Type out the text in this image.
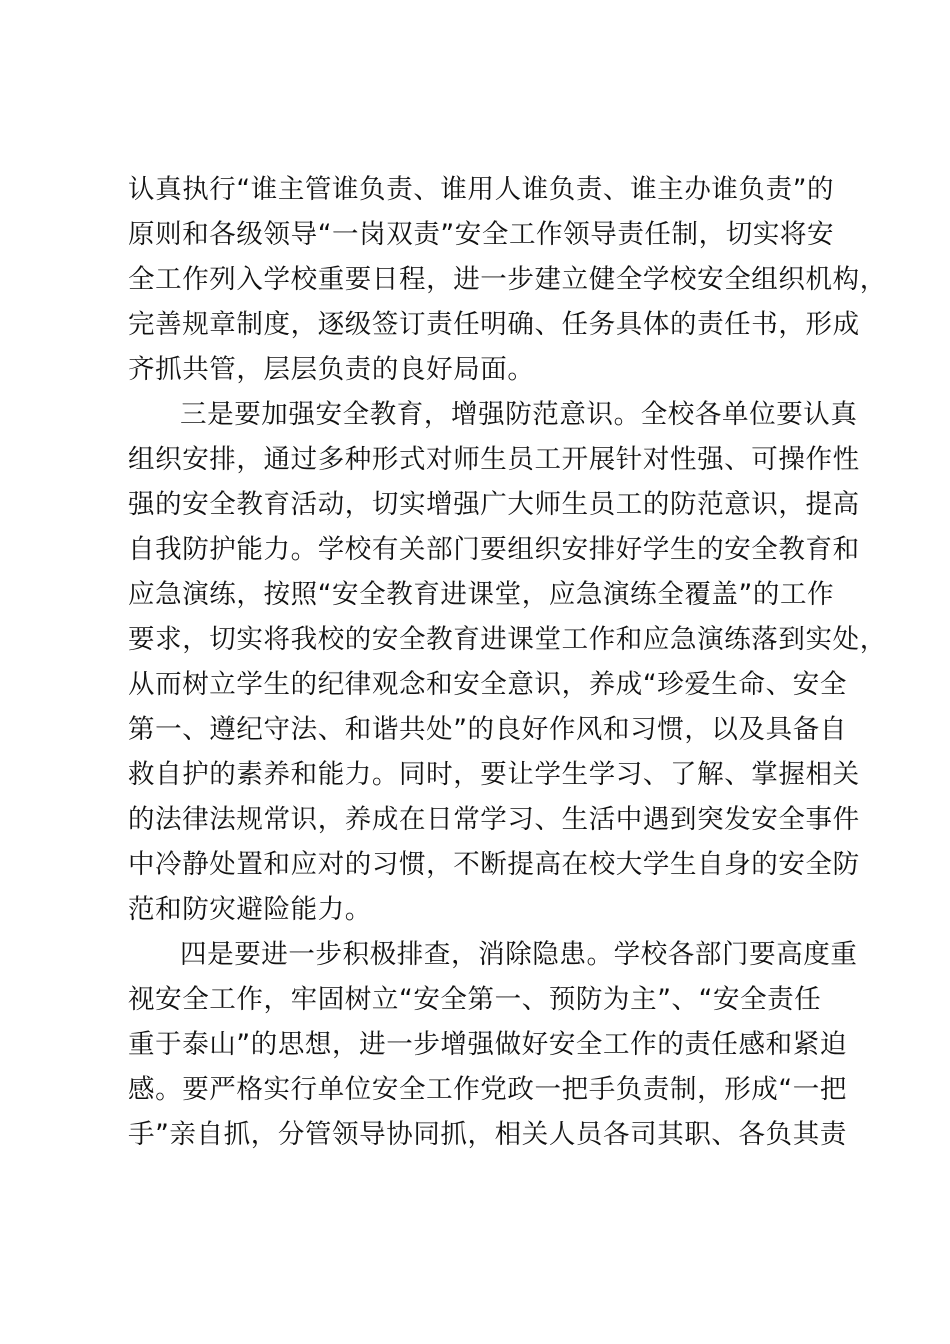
认真执行“谁主管谁负责、谁用人谁负责、谁主办谁负责”的
原则和各级领导“一岗双责”安全工作领导责任制，切实将安
全工作列入学校重要日程，进一步建立健全学校安全组织机构，
完善规章制度，逐级签订责任明确、任务具体的责任书，形成
齐抓共管，层层负责的良好局面。
三是要加强安全教育，增强防范意识。全校各单位要认真
组织安排，通过多种形式对师生员工开展针对性强、可操作性
强的安全教育活动，切实增强广大师生员工的防范意识，提高
自我防护能力。学校有关部门要组织安排好学生的安全教育和
应急演练，按照“安全教育进课堂，应急演练全覆盖”的工作
要求，切实将我校的安全教育进课堂工作和应急演练落到实处，
从而树立学生的纪律观念和安全意识，养成“珍爱生命、安全
第一、遵纪守法、和谐共处”的良好作风和习惯，以及具备自
救自护的素养和能力。同时，要让学生学习、了解、掌握相关
的法律法规常识，养成在日常学习、生活中遇到突发安全事件
中冷静处置和应对的习惯，不断提高在校大学生自身的安全防
范和防灾避险能力。
四是要进一步积极排查，消除隐患。学校各部门要高度重
视安全工作，牢固树立“安全第一、预防为主”、“安全责任
重于泰山”的思想，进一步增强做好安全工作的责任感和紧迫
感。要严格实行单位安全工作党政一把手负责制，形成“一把
手”亲自抓，分管领导协同抓，相关人员各司其职、各负其责
